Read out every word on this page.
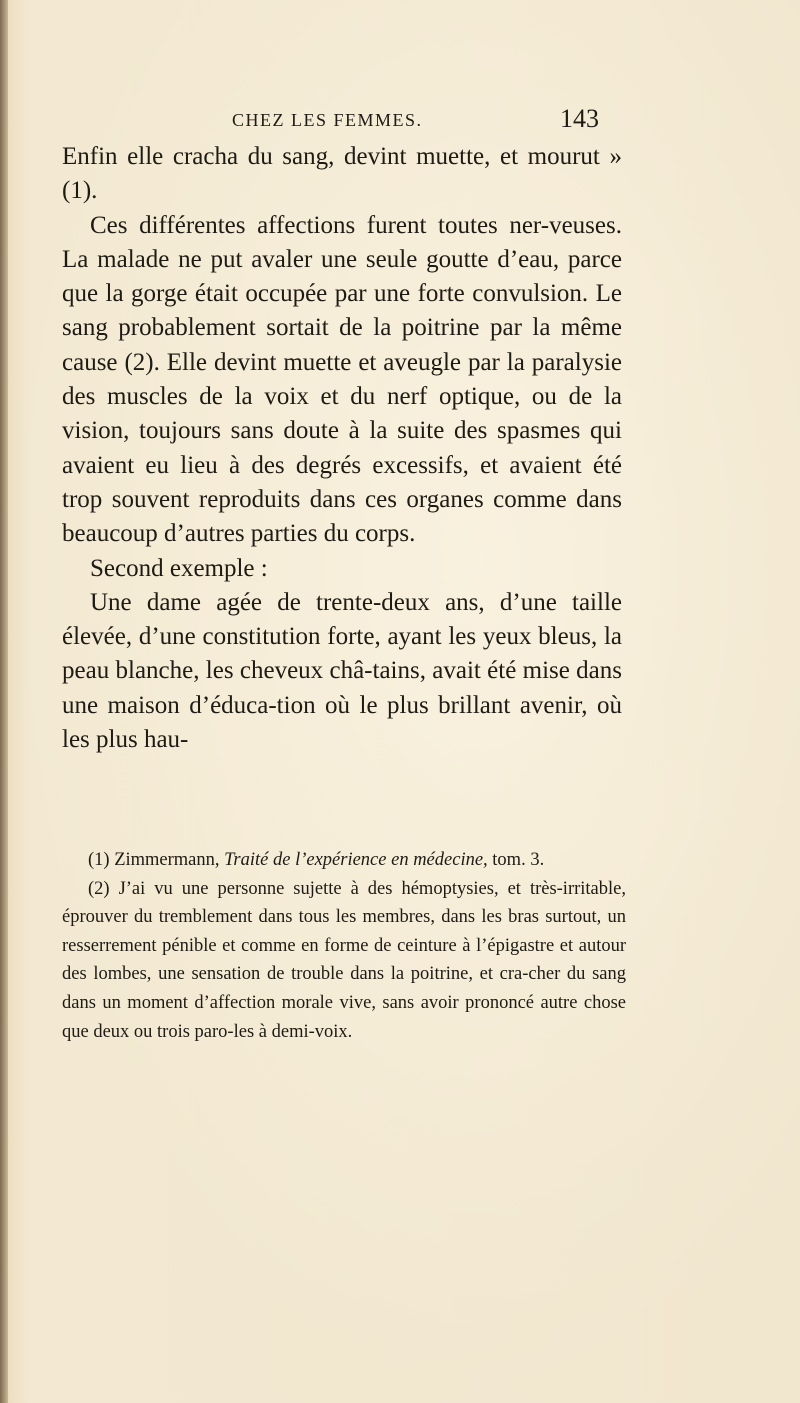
CHEZ LES FEMMES.	143

Enfin elle cracha du sang, devint muette, et mourut » (1).

Ces différentes affections furent toutes ner-veuses. La malade ne put avaler une seule goutte d’eau, parce que la gorge était occupée par une forte convulsion. Le sang probablement sortait de la poitrine par la même cause (2). Elle devint muette et aveugle par la paralysie des muscles de la voix et du nerf optique, ou de la vision, toujours sans doute à la suite des spasmes qui avaient eu lieu à des degrés excessifs, et avaient été trop souvent reproduits dans ces organes comme dans beaucoup d’autres parties du corps.

Second exemple :

Une dame agée de trente-deux ans, d’une taille élevée, d’une constitution forte, ayant les yeux bleus, la peau blanche, les cheveux châ-tains, avait été mise dans une maison d’éduca-tion où le plus brillant avenir, où les plus hau-

(1) Zimmermann, Traité de l’expérience en médecine, tom. 3.

(2) J’ai vu une personne sujette à des hémoptysies, et très-irritable, éprouver du tremblement dans tous les membres, dans les bras surtout, un resserrement pénible et comme en forme de ceinture à l’épigastre et autour des lombes, une sensation de trouble dans la poitrine, et cra-cher du sang dans un moment d’affection morale vive, sans avoir prononcé autre chose que deux ou trois paro-les à demi-voix.
